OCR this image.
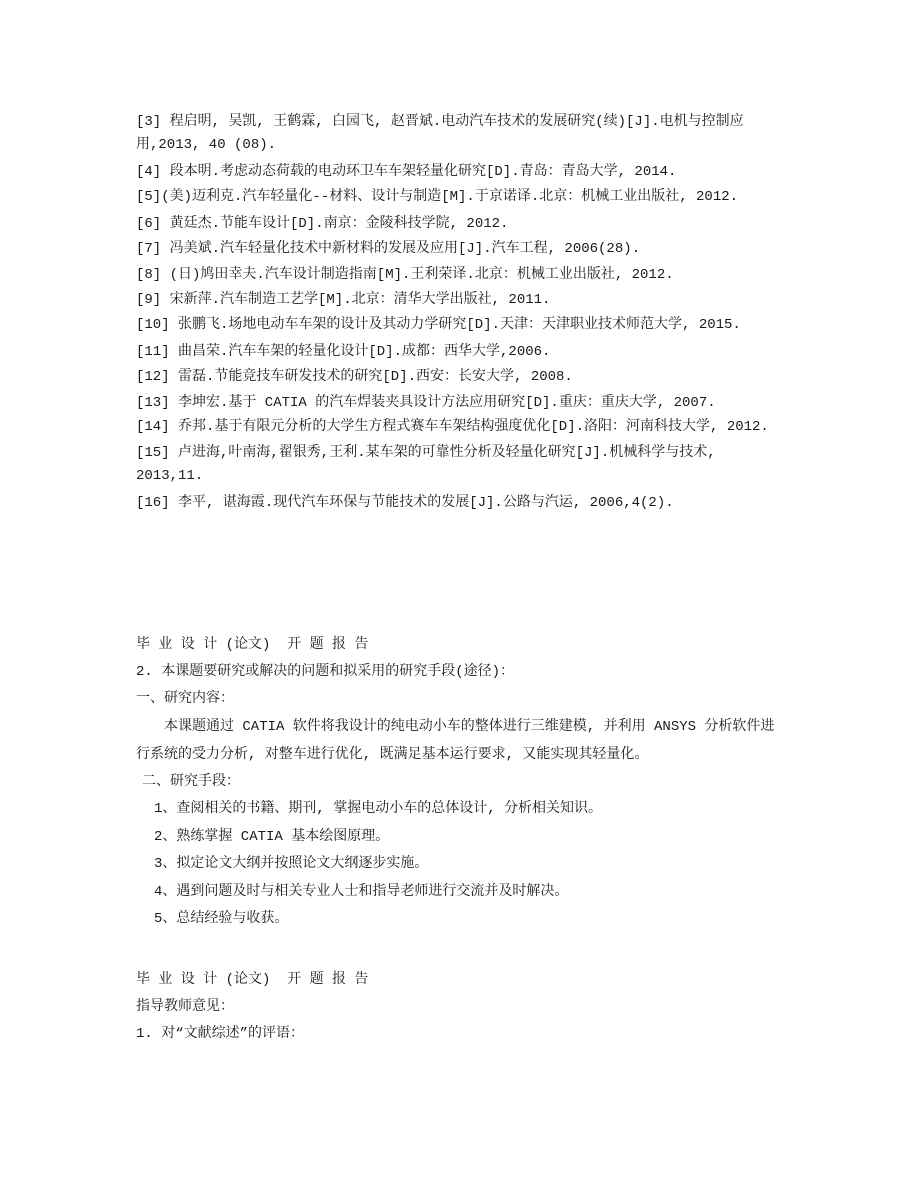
[3] 程启明, 吴凯, 王鹤霖, 白园飞, 赵晋斌.电动汽车技术的发展研究(续)[J].电机与控制应用,2013, 40 (08).
[4] 段本明.考虑动态荷载的电动环卫车车架轻量化研究[D].青岛：青岛大学, 2014.
[5](美)迈利克.汽车轻量化--材料、设计与制造[M].于京诺译.北京：机械工业出版社, 2012.
[6] 黄廷杰.节能车设计[D].南京：金陵科技学院, 2012.
[7] 冯美斌.汽车轻量化技术中新材料的发展及应用[J].汽车工程, 2006(28).
[8] (日)鸠田幸夫.汽车设计制造指南[M].王利荣译.北京：机械工业出版社, 2012.
[9] 宋新萍.汽车制造工艺学[M].北京：清华大学出版社, 2011.
[10] 张鹏飞.场地电动车车架的设计及其动力学研究[D].天津：天津职业技术师范大学, 2015.
[11] 曲昌荣.汽车车架的轻量化设计[D].成都：西华大学,2006.
[12] 雷磊.节能竞技车研发技术的研究[D].西安：长安大学, 2008.
[13] 李坤宏.基于 CATIA 的汽车焊装夹具设计方法应用研究[D].重庆：重庆大学, 2007.
[14] 乔邦.基于有限元分析的大学生方程式赛车车架结构强度优化[D].洛阳：河南科技大学, 2012.
[15] 卢进海,叶南海,翟银秀,王利.某车架的可靠性分析及轻量化研究[J].机械科学与技术, 2013,11.
[16] 李平, 谌海霞.现代汽车环保与节能技术的发展[J].公路与汽运, 2006,4(2).
毕 业 设 计 (论文)  开 题 报 告
2. 本课题要研究或解决的问题和拟采用的研究手段(途径)：
一、研究内容：
本课题通过 CATIA 软件将我设计的纯电动小车的整体进行三维建模, 并利用 ANSYS 分析软件进行系统的受力分析, 对整车进行优化, 既满足基本运行要求, 又能实现其轻量化。
二、研究手段：
1、查阅相关的书籍、期刊, 掌握电动小车的总体设计, 分析相关知识。
2、熟练掌握 CATIA 基本绘图原理。
3、拟定论文大纲并按照论文大纲逐步实施。
4、遇到问题及时与相关专业人士和指导老师进行交流并及时解决。
5、总结经验与收获。
毕 业 设 计 (论文)  开 题 报 告
指导教师意见：
1. 对“文献综述”的评语：
